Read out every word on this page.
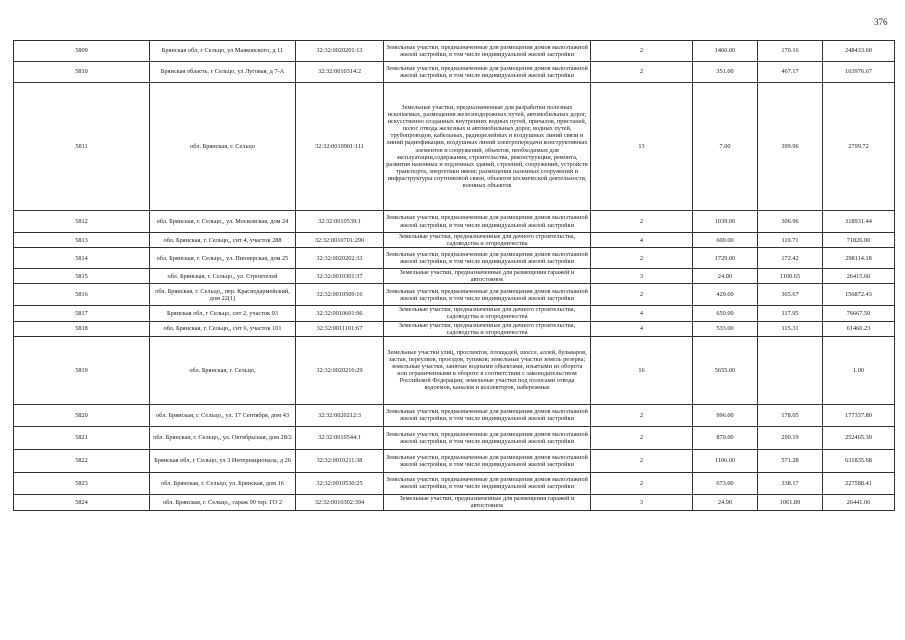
376
5809	Брянская обл, г Сельцо, ул Маяковского, д 11	32:32:0020201:13	Земельные участки, предназначенные для размещения домов малоэтажной жилой застройки, в том числе индивидуальной жилой застройки	2	1460.00	170.16	248433.60
5810	Брянская область, г Сельцо, ул Луговая, д 7-А	32:32:0010314:2	Земельные участки, предназначенные для размещения домов малоэтажной жилой застройки, в том числе индивидуальной жилой застройки	2	351.00	467.17	163976.67
5811	обл. Брянская, г. Сельцо	32:32:0010901:111	Земельные участки, предназначенные для разработки полезных ископаемых, размещения железнодорожных путей, автомобильных дорог, искусственно созданных внутренних водных путей, причалов, пристаней, полос отвода железных и автомобильных дорог, водных путей, трубопроводов, кабельных, радиорелейных и воздушных линий связи и линий радиофикации, воздушных линий электропередачи конструктивных элементов и сооружений, объектов, необходимых для эксплуатации,содержания, строительства, реконструкции, ремонта, развития наземных и подземных зданий, строений, сооружений, устройств транспорта, энергетики ивязи; размещения наземных сооружений и инфраструктуры спутниковой связи, объектов космической деятельности, военных объектов	13	7.00	399.96	2799.72
5812	обл. Брянская, г. Сельцо,, ул. Московская, дом 24	32:32:0010539:1	Земельные участки, предназначенные для размещения домов малоэтажной жилой застройки, в том числе индивидуальной жилой застройки	2	1039.00	306.96	318931.44
5813	обл. Брянская, г. Сельцо,, снт 4, участок 288	32:32:0010701:290	Земельные участки, предназначенные для дачного строительства, садоводства и огородничества	4	600.00	119.71	71826.00
5814	обл. Брянская, г. Сельцо,, ул. Пионерская, дом 25	32:32:0020202:33	Земельные участки, предназначенные для размещения домов малоэтажной жилой застройки, в том числе индивидуальной жилой застройки	2	1729.00	172.42	298114.18
5815	обл. Брянская, г. Сельцо,, ул. Строителей	32:32:0010301:37	Земельные участки, предназначенные для размещения гаражей и автостоянок	3	24.00	1100.65	26415.60
5816	обл. Брянская, г. Сельцо,, пер. Краснодармейский, дом 22(1)	32:32:0010509:16	Земельные участки, предназначенные для размещения домов малоэтажной жилой застройки, в том числе индивидуальной жилой застройки	2	429.00	365.67	156872.43
5817	Брянская обл, г Сельцо, снт 2, участок 93	32:32:0010601:96	Земельные участки, предназначенные для дачного строительства, садоводства и огородничества	4	650.00	117.95	76667.50
5818	обл. Брянская, г. Сельцо,, снт 6, участок 101	32:32:0011101:67	Земельные участки, предназначенные для дачного строительства, садоводства и огородничества	4	533.00	115.31	61460.23
5819	обл. Брянская, г. Сельцо,	32:32:0020216:29	Земельные участки улиц, проспектов, площадей, шоссе, аллей, бульваров, застав, переулков, проездов, тупиков; земельные участки земель резерва; земельные участки, занятые водными объектами, изъятыми из оборота или ограниченными в обороте в соответствии с законодательством Российской Федерации; земельные участки под полосами отвода водоемов, каналов и коллекторов, набережные	16	5655.00		1.00
5820	обл. Брянская, г. Сельцо,, ул. 17 Сентября, дом 43	32:32:0020212:3	Земельные участки, предназначенные для размещения домов малоэтажной жилой застройки, в том числе индивидуальной жилой застройки	2	996.00	178.05	177337.80
5821	обл. Брянская, г. Сельцо,, ул. Октябрьская, дом 28/2	32:32:0010544:1	Земельные участки, предназначенные для размещения домов малоэтажной жилой застройки, в том числе индивидуальной жилой застройки	2	870.00	290.19	252465.30
5822	Брянская обл, г Сельцо, ул 3 Интернационала, д 26	32:32:0010211:38	Земельные участки, предназначенные для размещения домов малоэтажной жилой застройки, в том числе индивидуальной жилой застройки	2	1106.00	571.28	631835.68
5823	обл. Брянская, г. Сельцо, ул. Брянская, дом 16	32:32:0010530:25	Земельные участки, предназначенные для размещения домов малоэтажной жилой застройки, в том числе индивидуальной жилой застройки	2	673.00	338.17	227588.41
5824	обл. Брянская, г. Сельцо,, гараж 90 тер. ГО 2	32:32:0010302:394	Земельные участки, предназначенные для размещения гаражей и автостоянок	3	24.90	1061.89	26441.06
